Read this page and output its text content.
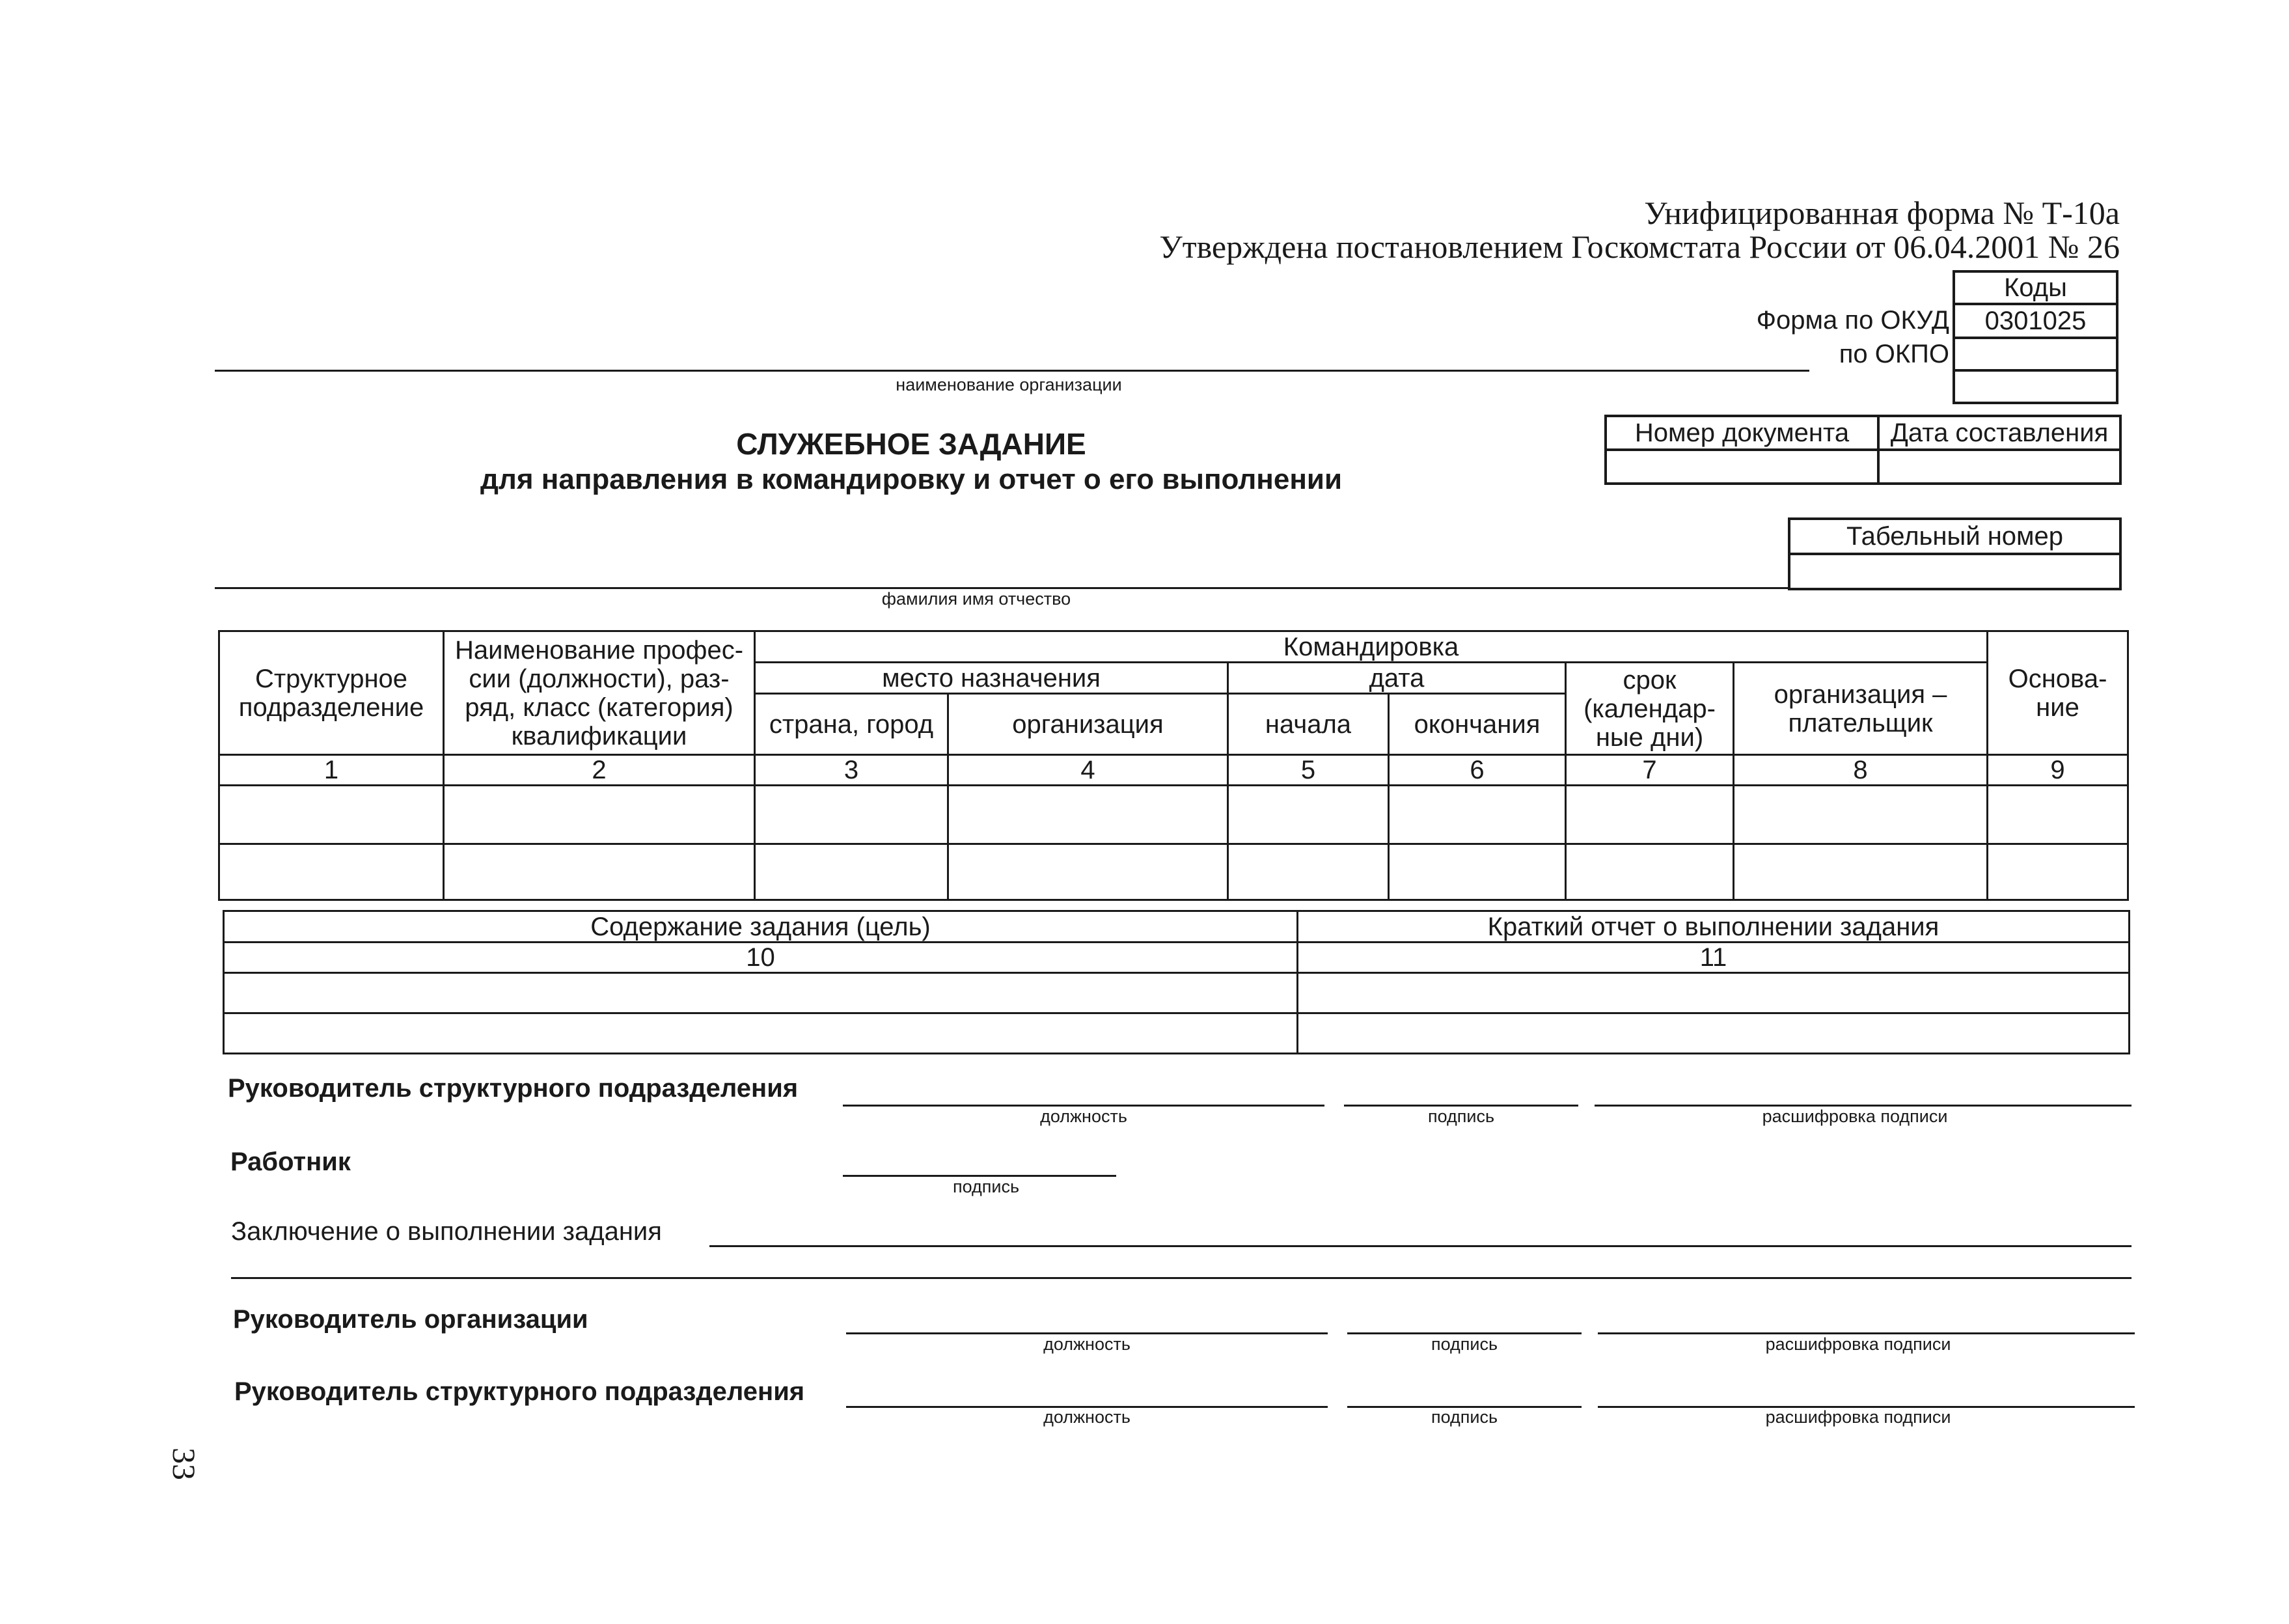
Унифицированная форма № Т-10а
Утверждена постановлением Госкомстата России от 06.04.2001 № 26
Коды
0301025

Форма по ОКУД
по ОКПО
наименование организации
СЛУЖЕБНОЕ ЗАДАНИЕ
для направления в командировку и отчет о его выполнении
Номер документа	Дата составления

Табельный номер

фамилия имя отчество
Структурное подразделение	Наименование профес-сии (должности), раз-ряд, класс (категория) квалификации	Командировка						Основа-ние
		место назначения		дата		срок (календар-ные дни)	организация – плательщик	
		страна, город	организация	начала	окончания			
1	2	3	4	5	6	7	8	9

Содержание задания (цель)	Краткий отчет о выполнении задания
10	11

Руководитель структурного подразделения
должность	подпись	расшифровка подписи
Работник
подпись
Заключение о выполнении задания
Руководитель организации
должность	подпись	расшифровка подписи
Руководитель структурного подразделения
должность	подпись	расшифровка подписи
33
